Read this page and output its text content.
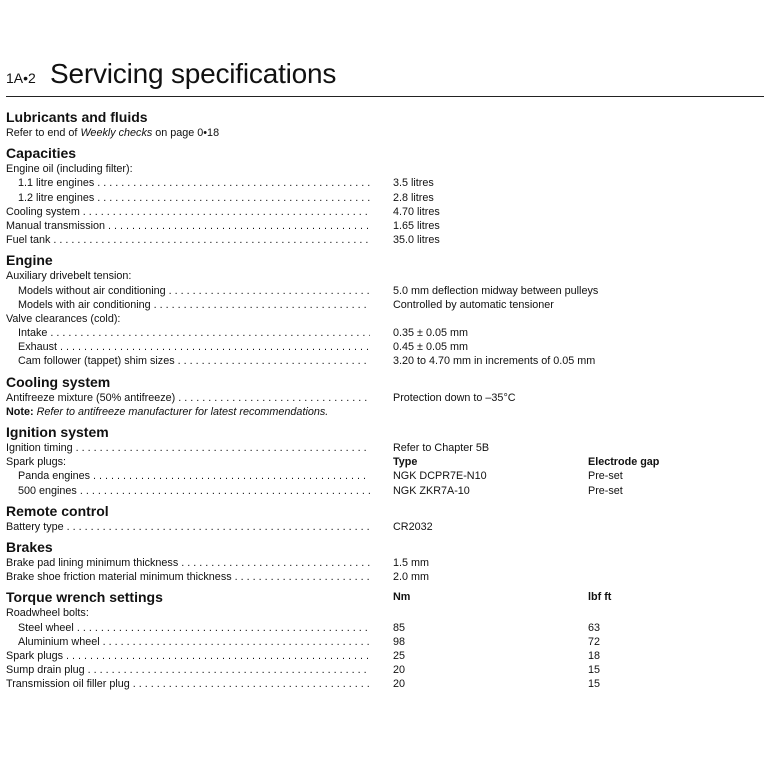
1A•2 Servicing specifications
Lubricants and fluids
Refer to end of Weekly checks on page 0•18
Capacities
Engine oil (including filter):
1.1 litre engines . . .	3.5 litres
1.2 litre engines . . .	2.8 litres
Cooling system . . .	4.70 litres
Manual transmission . . .	1.65 litres
Fuel tank . . .	35.0 litres
Engine
Auxiliary drivebelt tension:
Models without air conditioning . . .	5.0 mm deflection midway between pulleys
Models with air conditioning . . .	Controlled by automatic tensioner
Valve clearances (cold):
Intake . . .	0.35 ± 0.05 mm
Exhaust . . .	0.45 ± 0.05 mm
Cam follower (tappet) shim sizes . . .	3.20 to 4.70 mm in increments of 0.05 mm
Cooling system
Antifreeze mixture (50% antifreeze) . . .	Protection down to –35°C
Note: Refer to antifreeze manufacturer for latest recommendations.
Ignition system
Ignition timing . . .	Refer to Chapter 5B
Spark plugs:	Type	Electrode gap
Panda engines . . .	NGK DCPR7E-N10	Pre-set
500 engines . . .	NGK ZKR7A-10	Pre-set
Remote control
Battery type . . .	CR2032
Brakes
Brake pad lining minimum thickness . . .	1.5 mm
Brake shoe friction material minimum thickness . . .	2.0 mm
Torque wrench settings	Nm	lbf ft
Roadwheel bolts:
Steel wheel . . .	85	63
Aluminium wheel . . .	98	72
Spark plugs . . .	25	18
Sump drain plug . . .	20	15
Transmission oil filler plug . . .	20	15
